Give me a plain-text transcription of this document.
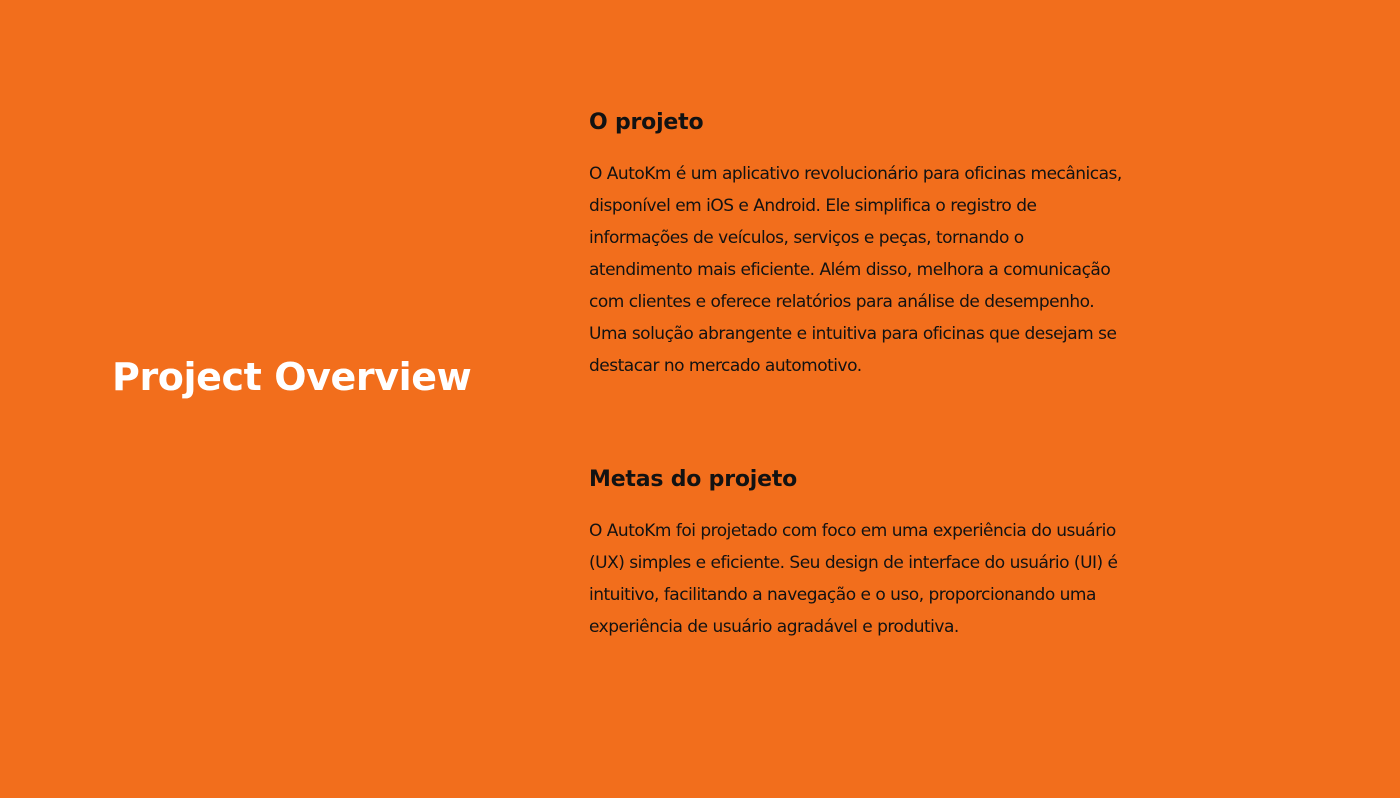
Project Overview
O projeto

O AutoKm é um aplicativo revolucionário para oficinas mecânicas,
disponível em iOS e Android. Ele simplifica o registro de
informações de veículos, serviços e peças, tornando o
atendimento mais eficiente. Além disso, melhora a comunicação
com clientes e oferece relatórios para análise de desempenho.
Uma solução abrangente e intuitiva para oficinas que desejam se
destacar no mercado automotivo.

Metas do projeto

O AutoKm foi projetado com foco em uma experiência do usuário
(UX) simples e eficiente. Seu design de interface do usuário (UI) é
intuitivo, facilitando a navegação e o uso, proporcionando uma
experiência de usuário agradável e produtiva.
